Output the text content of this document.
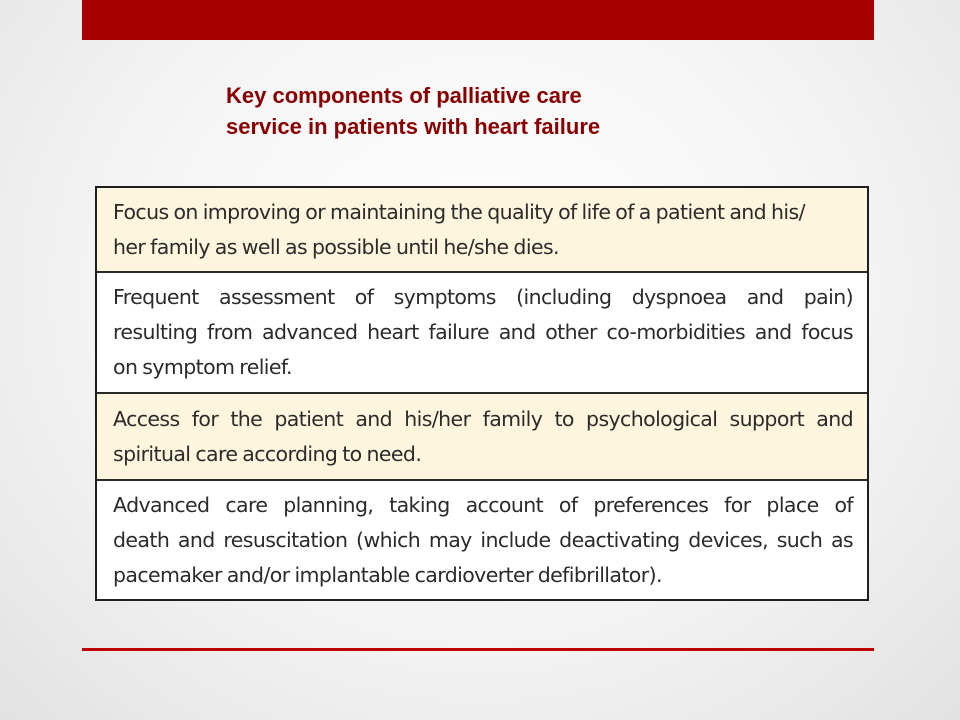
Key components of palliative care
service in patients with heart failure
Focus on improving or maintaining the quality of life of a patient and his/
her family as well as possible until he/she dies.
Frequent assessment of symptoms (including dyspnoea and pain)
resulting from advanced heart failure and other co-morbidities and focus
on symptom relief.
Access for the patient and his/her family to psychological support and
spiritual care according to need.
Advanced care planning, taking account of preferences for place of
death and resuscitation (which may include deactivating devices, such as
pacemaker and/or implantable cardioverter defibrillator).
